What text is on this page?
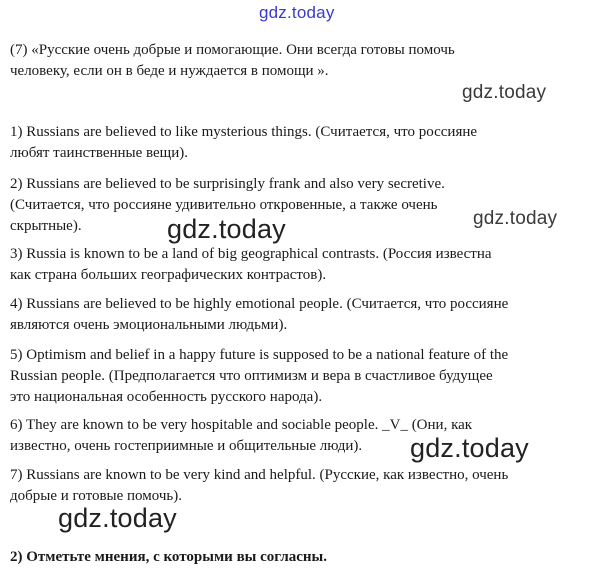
gdz.today

(7) «Русские очень добрые и помогающие. Они всегда готовы помочь
человеку, если он в беде и нуждается в помощи ».

gdz.today

1) Russians are believed to like mysterious things. (Считается, что россияне
любят таинственные вещи).

2) Russians are believed to be surprisingly frank and also very secretive.
(Считается, что россияне удивительно откровенные, а также очень
скрытные).	gdz.today
gdz.today

3) Russia is known to be a land of big geographical contrasts. (Россия известна
как страна больших географических контрастов).

4) Russians are believed to be highly emotional people. (Считается, что россияне
являются очень эмоциональными людьми).

5) Optimism and belief in a happy future is supposed to be a national feature of the
Russian people. (Предполагается что оптимизм и вера в счастливое будущее
это национальная особенность русского народа).

6) They are known to be very hospitable and sociable people. _V_ (Они, как
известно, очень гостеприимные и общительные люди).	gdz.today

7) Russians are known to be very kind and helpful. (Русские, как известно, очень
добрые и готовые помочь).

gdz.today

2) Отметьте мнения, с которыми вы согласны.
